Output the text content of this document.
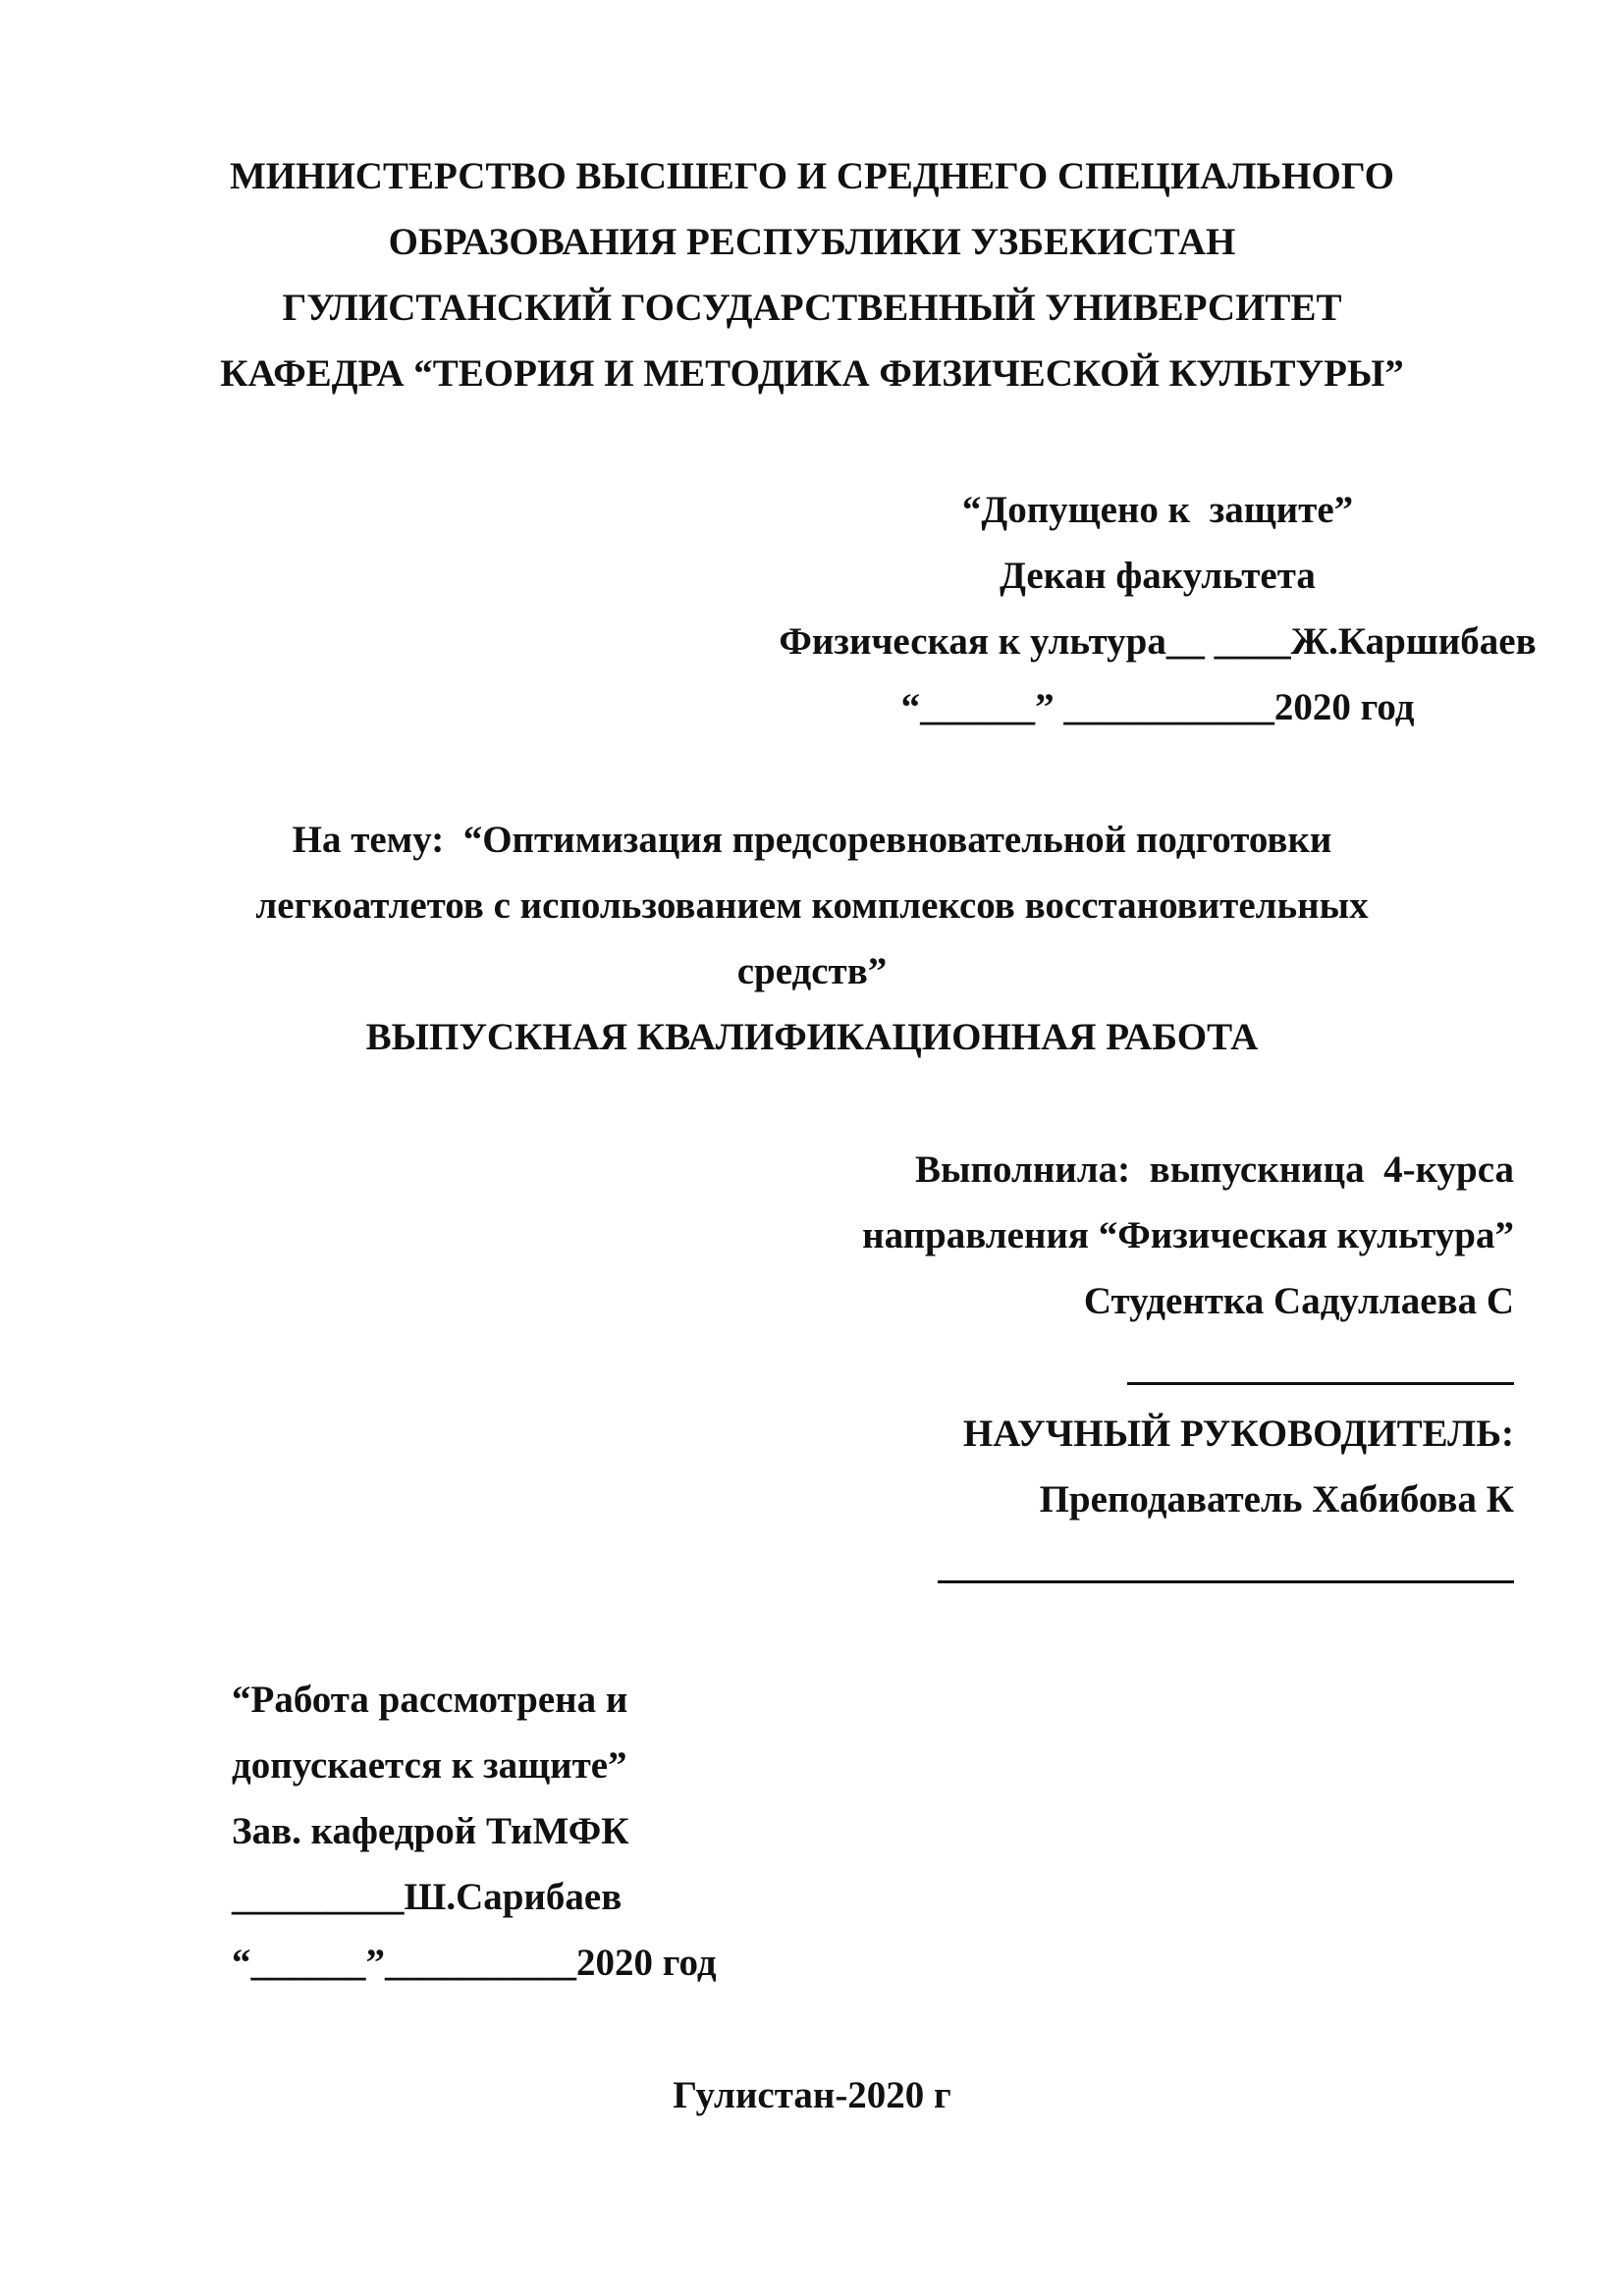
МИНИСТЕРСТВО ВЫСШЕГО И СРЕДНЕГО СПЕЦИАЛЬНОГО
ОБРАЗОВАНИЯ РЕСПУБЛИКИ УЗБЕКИСТАН
ГУЛИСТАНСКИЙ ГОСУДАРСТВЕННЫЙ УНИВЕРСИТЕТ
КАФЕДРА “ТЕОРИЯ И МЕТОДИКА ФИЗИЧЕСКОЙ КУЛЬТУРЫ”
“Допущено к  защите”
Декан факультета
Физическая к ультура__ ____Ж.Каршибаев
“______” ___________2020 год
На тему:  “Оптимизация предсоревновательной подготовки
легкоатлетов с использованием комплексов восстановительных
средств”
ВЫПУСКНАЯ КВАЛИФИКАЦИОННАЯ РАБОТА
Выполнила:  выпускница  4-курса
направления “Физическая культура”
Студентка Садуллаева С
НАУЧНЫЙ РУКОВОДИТЕЛЬ:
Преподаватель Хабибова К
“Работа рассмотрена и
допускается к защите”
Зав. кафедрой ТиМФК
_________Ш.Сарибаев
“______”__________2020 год
Гулистан-2020 г
